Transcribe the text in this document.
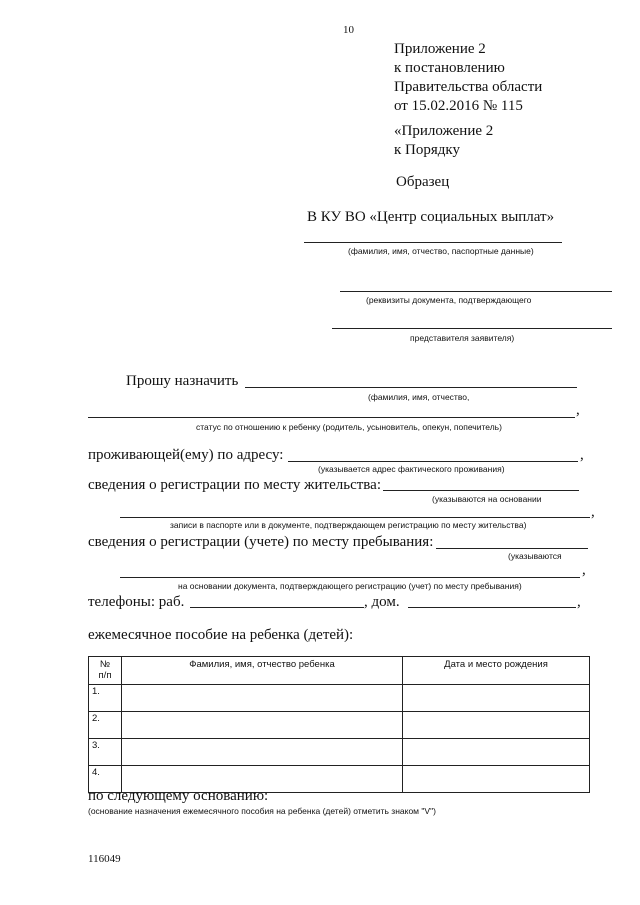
10
Приложение 2
к постановлению
Правительства области
от 15.02.2016 № 115
«Приложение 2
к Порядку
Образец
В КУ ВО «Центр социальных выплат»
(фамилия, имя, отчество, паспортные данные)
(реквизиты документа, подтверждающего
представителя заявителя)
Прошу назначить
(фамилия, имя, отчество,
,
статус по отношению к ребенку (родитель, усыновитель, опекун, попечитель)
проживающей(ему) по адресу:	,
(указывается адрес фактического проживания)
сведения о регистрации по месту жительства:
(указываются на основании
,
записи в паспорте или в документе, подтверждающем регистрацию по месту жительства)
сведения о регистрации (учете) по месту пребывания:
(указываются
,
на основании документа, подтверждающего регистрацию (учет) по месту пребывания)
телефоны: раб.	, дом.	,
ежемесячное пособие на ребенка (детей):
№
п/п	Фамилия, имя, отчество ребенка	Дата и место рождения
1.		
2.		
3.		
4.		
по следующему основанию:
(основание назначения ежемесячного пособия на ребенка (детей) отметить знаком "V")
116049
